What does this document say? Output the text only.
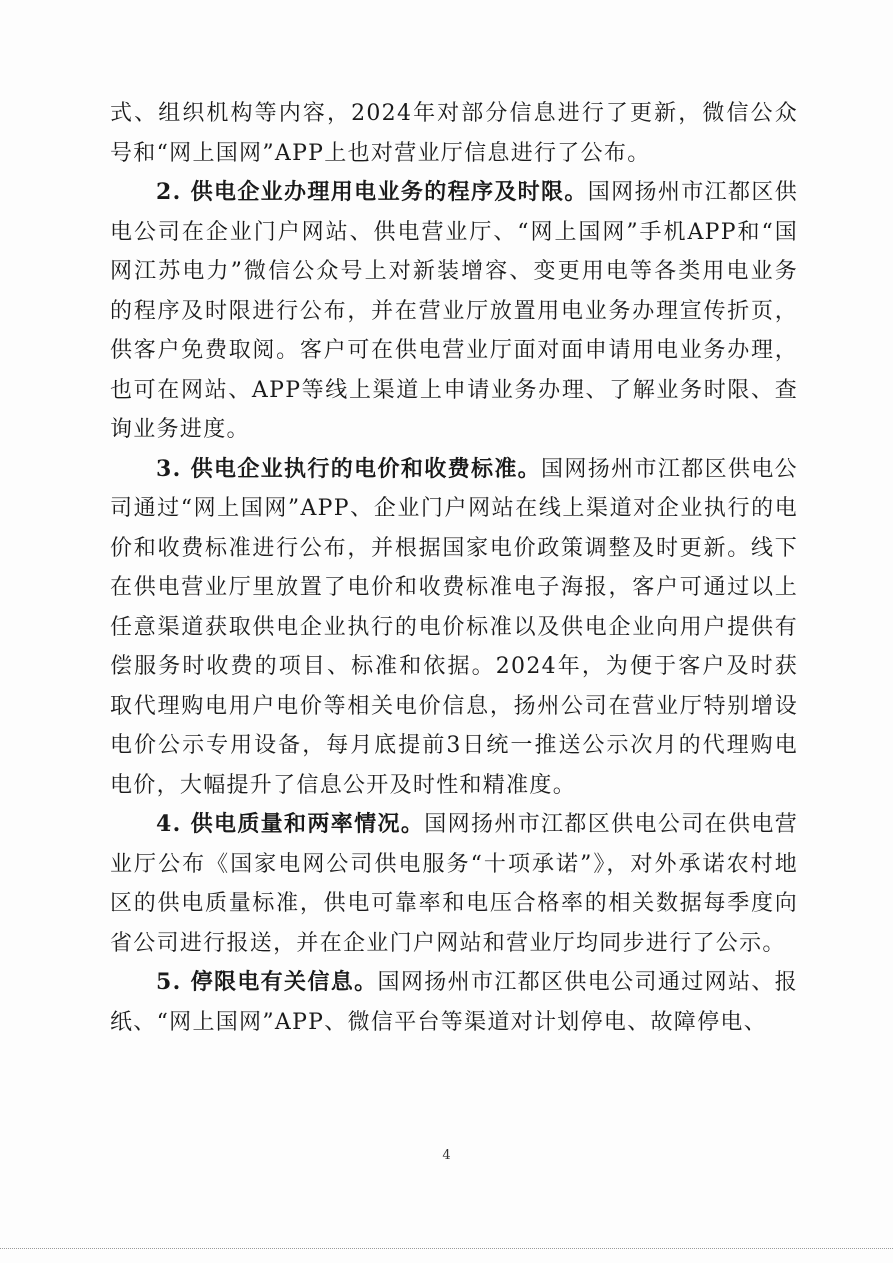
式、组织机构等内容，2024年对部分信息进行了更新，微信公众号和“网上国网”APP上也对营业厅信息进行了公布。

2. 供电企业办理用电业务的程序及时限。国网扬州市江都区供电公司在企业门户网站、供电营业厅、“网上国网”手机APP和“国网江苏电力”微信公众号上对新装增容、变更用电等各类用电业务的程序及时限进行公布，并在营业厅放置用电业务办理宣传折页，供客户免费取阅。客户可在供电营业厅面对面申请用电业务办理，也可在网站、APP等线上渠道上申请业务办理、了解业务时限、查询业务进度。

3. 供电企业执行的电价和收费标准。国网扬州市江都区供电公司通过“网上国网”APP、企业门户网站在线上渠道对企业执行的电价和收费标准进行公布，并根据国家电价政策调整及时更新。线下在供电营业厅里放置了电价和收费标准电子海报，客户可通过以上任意渠道获取供电企业执行的电价标准以及供电企业向用户提供有偿服务时收费的项目、标准和依据。2024年，为便于客户及时获取代理购电用户电价等相关电价信息，扬州公司在营业厅特别增设电价公示专用设备，每月底提前3日统一推送公示次月的代理购电电价，大幅提升了信息公开及时性和精准度。

4. 供电质量和两率情况。国网扬州市江都区供电公司在供电营业厅公布《国家电网公司供电服务“十项承诺”》，对外承诺农村地区的供电质量标准，供电可靠率和电压合格率的相关数据每季度向省公司进行报送，并在企业门户网站和营业厅均同步进行了公示。

5. 停限电有关信息。国网扬州市江都区供电公司通过网站、报纸、“网上国网”APP、微信平台等渠道对计划停电、故障停电、

4
